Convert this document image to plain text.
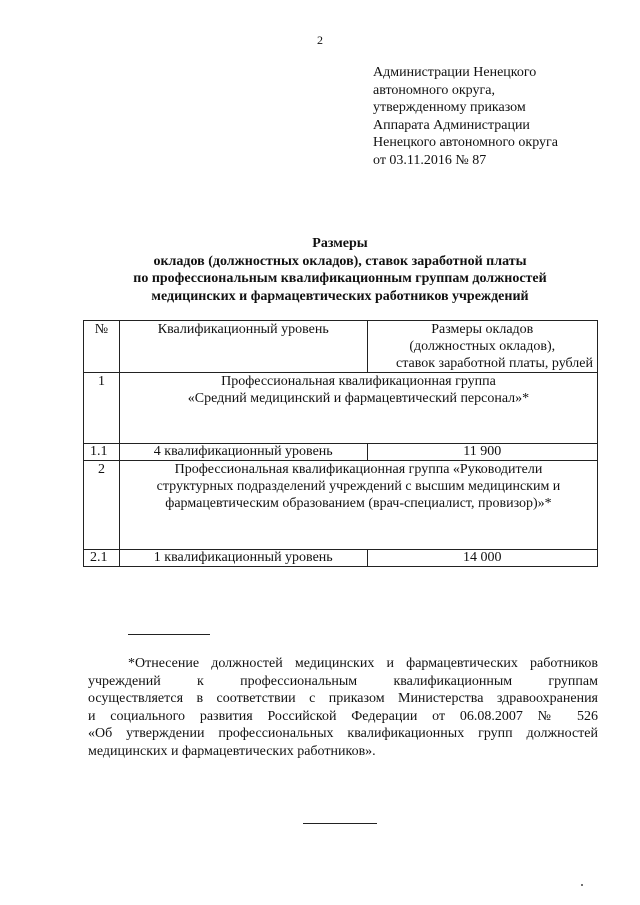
2
Администрации Ненецкого
автономного округа,
утвержденному приказом
Аппарата Администрации
Ненецкого автономного округа
от 03.11.2016 № 87
Размеры
окладов (должностных окладов), ставок заработной платы
по профессиональным квалификационным группам должностей
медицинских и фармацевтических работников учреждений
№	Квалификационный уровень	Размеры окладов
(должностных окладов),
ставок заработной платы, рублей

1	Профессиональная квалификационная группа
«Средний медицинский и фармацевтический персонал»*	

1.1	4 квалификационный уровень	11 900
2	Профессиональная квалификационная группа «Руководители
структурных подразделений учреждений с высшим медицинским и
фармацевтическим образованием (врач-специалист, провизор)»*	

2.1	1 квалификационный уровень	14 000
*Отнесение должностей медицинских и фармацевтических работников
учреждений к профессиональным квалификационным группам
осуществляется в соответствии с приказом Министерства здравоохранения
и социального развития Российской Федерации от 06.08.2007 № 526
«Об утверждении профессиональных квалификационных групп должностей
медицинских и фармацевтических работников».
